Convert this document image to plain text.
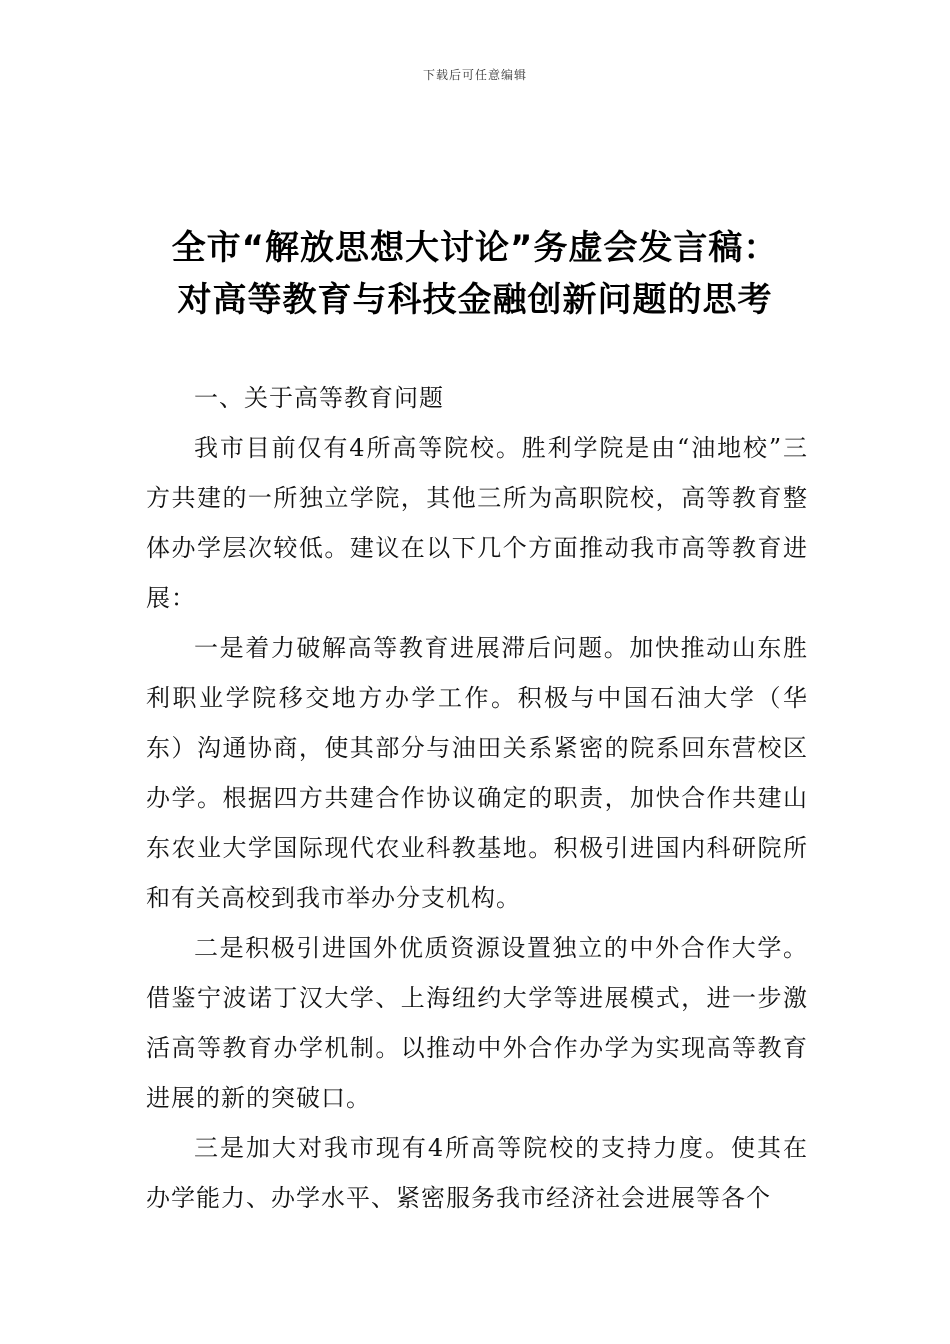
下载后可任意编辑
全市“解放思想大讨论”务虚会发言稿：
对高等教育与科技金融创新问题的思考

一、关于高等教育问题

我市目前仅有4所高等院校。胜利学院是由“油地校”三方共建的一所独立学院，其他三所为高职院校，高等教育整体办学层次较低。建议在以下几个方面推动我市高等教育进展：

一是着力破解高等教育进展滞后问题。加快推动山东胜利职业学院移交地方办学工作。积极与中国石油大学（华东）沟通协商，使其部分与油田关系紧密的院系回东营校区办学。根据四方共建合作协议确定的职责，加快合作共建山东农业大学国际现代农业科教基地。积极引进国内科研院所和有关高校到我市举办分支机构。

二是积极引进国外优质资源设置独立的中外合作大学。借鉴宁波诺丁汉大学、上海纽约大学等进展模式，进一步激活高等教育办学机制。以推动中外合作办学为实现高等教育进展的新的突破口。

三是加大对我市现有4所高等院校的支持力度。使其在办学能力、办学水平、紧密服务我市经济社会进展等各个
